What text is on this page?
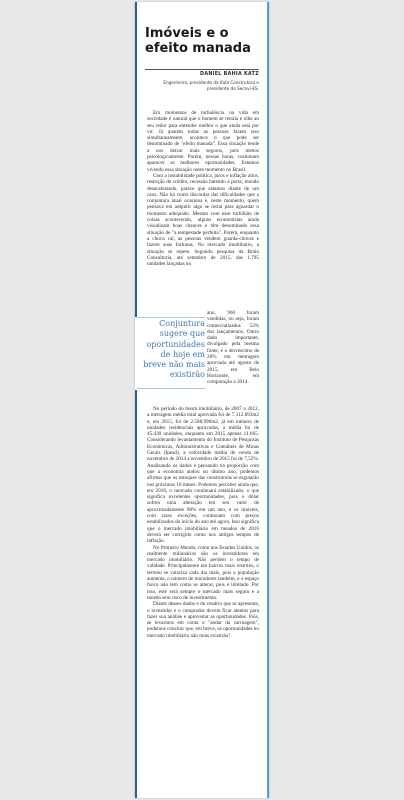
Imóveis e o efeito manada
DANIEL BAHIA KATZ
Engenheiro, presidente da Kala Construtora e presidente do Secovi-ES.

Em momentos de turbulência na vida em sociedade é natural que o homem se retraia e olhe ao seu redor para entender melhor o que ainda está por vir. Já quando todas as pessoas fazem isso simultaneamente, acontece o que pode ser denominado de "efeito manada". Essa situação tende a nos deixar mais seguros, pois menos psicologicamente. Porém, nessas horas, costumam aparecer as melhores oportunidades. Estamos vivendo essa situação neste momento no Brasil.

Com a instabilidade política, juros e inflação altos, restrição de crédito, recessão batendo à porta, mundo desacelerando, parece que estamos diante de um caos. Não há como discordar das dificuldades que a conjuntura atual ocasiona e, neste momento, quem pensava em adquirir algo se retrai para aguardar o momento adequado. Mesmo com esse turbilhão de coisas acontecendo, alguns economistas ainda visualizam boas chances e têm denominado essa situação de "a tempestade perfeita". Porém, enquanto a chuva cai, as pessoas vendem guarda-chuvas e fazem suas fortunas. No mercado imobiliário, a situação se repete. Segundo pesquisa da Brain Consultoria, até setembro de 2015, das 1.795 unidades lançadas no

ano, 960 foram vendidas, ou seja, foram comercializados 53% dos lançamentos. Outro dado importante, divulgado pela mesma fonte, é o decréscimo de 20% em metragem aprovada até agosto de 2015, em Belo Horizonte, em comparação a 2014.

No período do boom imobiliário, de 2007 a 2012, a metragem média total aprovada foi de 7.112.893m2 e, em 2015, foi de 2.588.990m2, já em número de unidades residenciais aprovadas, a média foi de 45.430 unidades, enquanto em 2015 apenas 11.665. Considerando levantamento do Instituto de Pesquisas Econômicas, Administrativas e Contábeis de Minas Gerais (Ipead), a velocidade média de venda de novembro de 2014 a novembro de 2015 foi de 7,52%. Analisando os dados e pensando na proporção com que a economia andou no último ano, podemos afirmar que os estoques das construtoras se esgotarão nos próximos 18 meses. Podemos perceber ainda que, em 2016, o mercado continuará estabilizado, o que significa excelentes oportunidades, pois o dólar sofreu uma alteração em seu valor de aproximadamente 90% em um ano, e os imóveis, com raras exceções, continuam com preços estabilizados do início do ano até agora. Isso significa que o mercado imobiliário em meados de 2016 deverá ser corrigido como nos antigos tempos de inflação.

No Primeiro Mundo, como nos Estados Unidos, os realmente milionários são os investidores em mercado imobiliário. Não perdem o tempo de validade. Principalmente em bairros mais restritos, o terreno se valoriza cada dia mais, pois a população aumenta, o número de moradores também, e o espaço físico não tem como se alterar, pois é limitado. Por isso, este será sempre o mercado mais seguro e a moeda sem risco de investimento.

Diante desses dados e do cenário que se apresenta, o investidor e o comprador devem ficar atentos para fazer sua análise e aproveitar as oportunidades. Pois, se levarmos em conta o "andar da carruagem", podemos concluir que, em breve, as oportunidades no mercado imobiliário não mais existirão!

Conjuntura sugere que oportunidades de hoje em breve não mais existirão
